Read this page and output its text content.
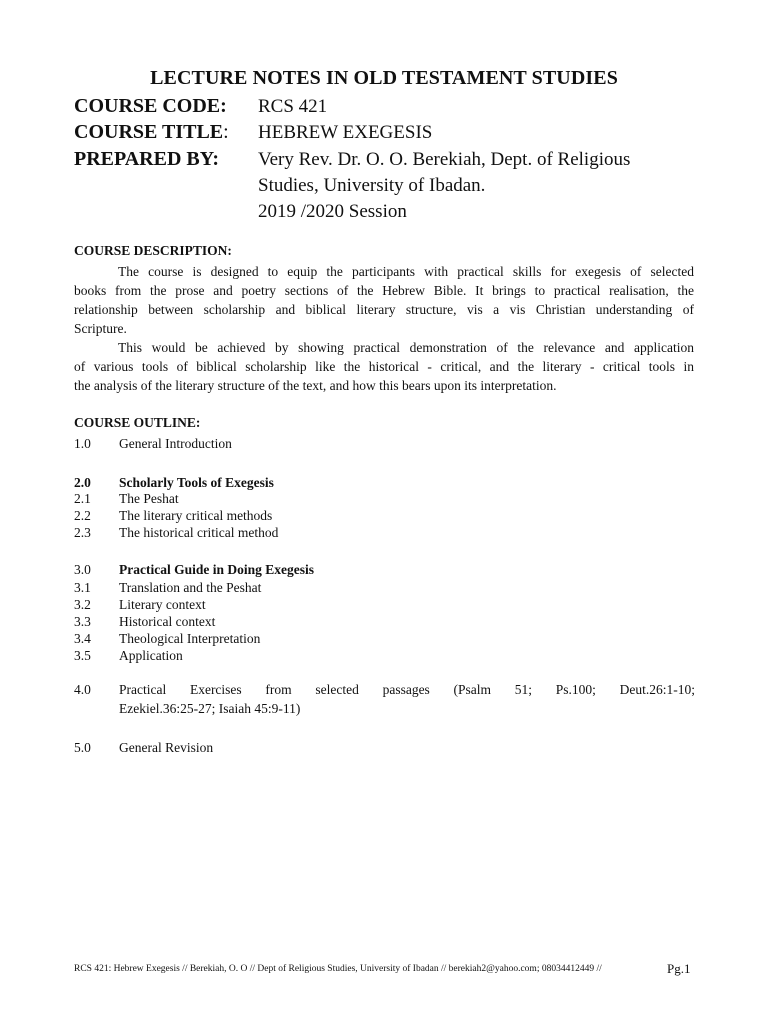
LECTURE NOTES IN OLD TESTAMENT STUDIES
COURSE CODE: RCS 421
COURSE TITLE: HEBREW EXEGESIS
PREPARED BY: Very Rev. Dr. O. O. Berekiah, Dept. of Religious
Studies, University of Ibadan.
2019 /2020 Session
COURSE DESCRIPTION:
The course is designed to equip the participants with practical skills for exegesis of selected
books from the prose and poetry sections of the Hebrew Bible. It brings to practical realisation, the
relationship between scholarship and biblical literary structure, vis a vis Christian understanding of
Scripture.
This would be achieved by showing practical demonstration of the relevance and application
of various tools of biblical scholarship like the historical - critical, and the literary - critical tools in
the analysis of the literary structure of the text, and how this bears upon its interpretation.
COURSE OUTLINE:
1.0 General Introduction
2.0 Scholarly Tools of Exegesis
2.1 The Peshat
2.2 The literary critical methods
2.3 The historical critical method
3.0 Practical Guide in Doing Exegesis
3.1 Translation and the Peshat
3.2 Literary context
3.3 Historical context
3.4 Theological Interpretation
3.5 Application
4.0 Practical Exercises from selected passages (Psalm 51; Ps.100; Deut.26:1-10;
Ezekiel.36:25-27; Isaiah 45:9-11)
5.0 General Revision
RCS 421: Hebrew Exegesis // Berekiah, O. O // Dept of Religious Studies, University of Ibadan // berekiah2@yahoo.com; 08034412449 //	Pg.1
